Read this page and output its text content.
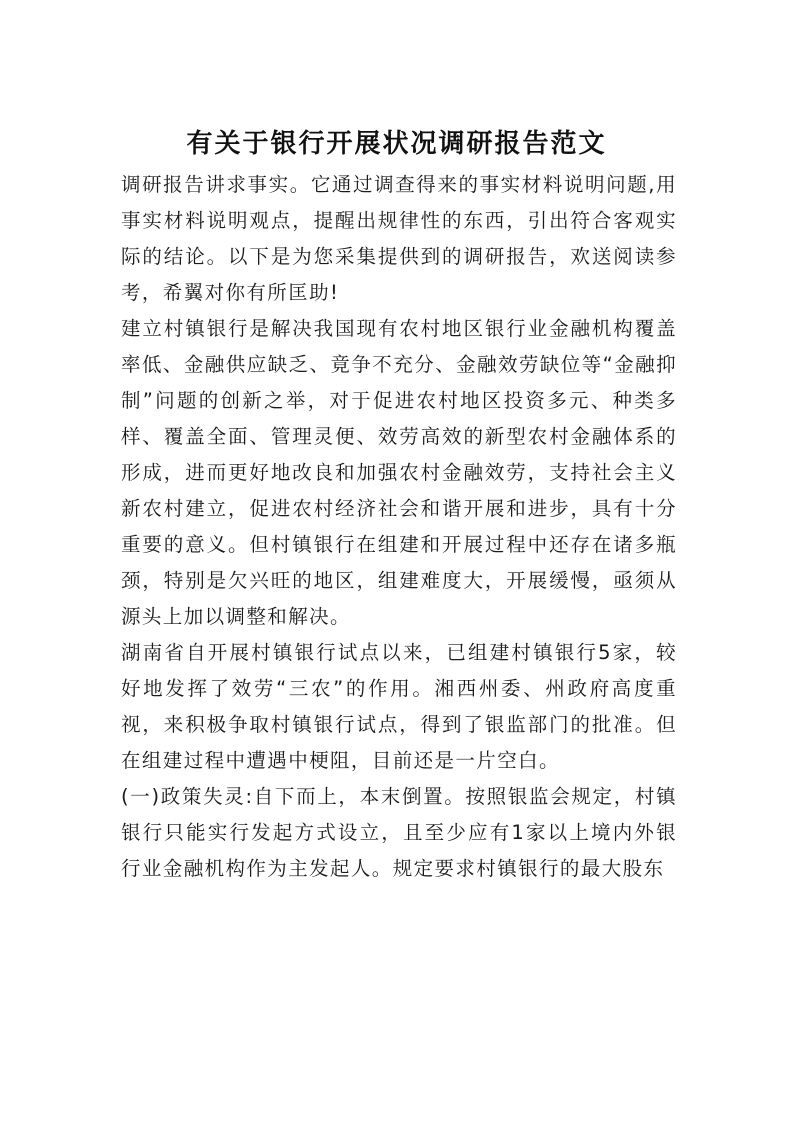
有关于银行开展状况调研报告范文

调研报告讲求事实。它通过调查得来的事实材料说明问题,用事实材料说明观点，提醒出规律性的东西，引出符合客观实际的结论。以下是为您采集提供到的调研报告，欢送阅读参考，希翼对你有所匡助!

建立村镇银行是解决我国现有农村地区银行业金融机构覆盖率低、金融供应缺乏、竟争不充分、金融效劳缺位等“金融抑制”问题的创新之举，对于促进农村地区投资多元、种类多样、覆盖全面、管理灵便、效劳高效的新型农村金融体系的形成，进而更好地改良和加强农村金融效劳，支持社会主义新农村建立，促进农村经济社会和谐开展和进步，具有十分重要的意义。但村镇银行在组建和开展过程中还存在诸多瓶颈，特别是欠兴旺的地区，组建难度大，开展缓慢，亟须从源头上加以调整和解决。

湖南省自开展村镇银行试点以来，已组建村镇银行5家，较好地发挥了效劳“三农”的作用。湘西州委、州政府高度重视，来积极争取村镇银行试点，得到了银监部门的批准。但在组建过程中遭遇中梗阻，目前还是一片空白。

(一)政策失灵:自下而上，本末倒置。按照银监会规定，村镇银行只能实行发起方式设立，且至少应有1家以上境内外银行业金融机构作为主发起人。规定要求村镇银行的最大股东
